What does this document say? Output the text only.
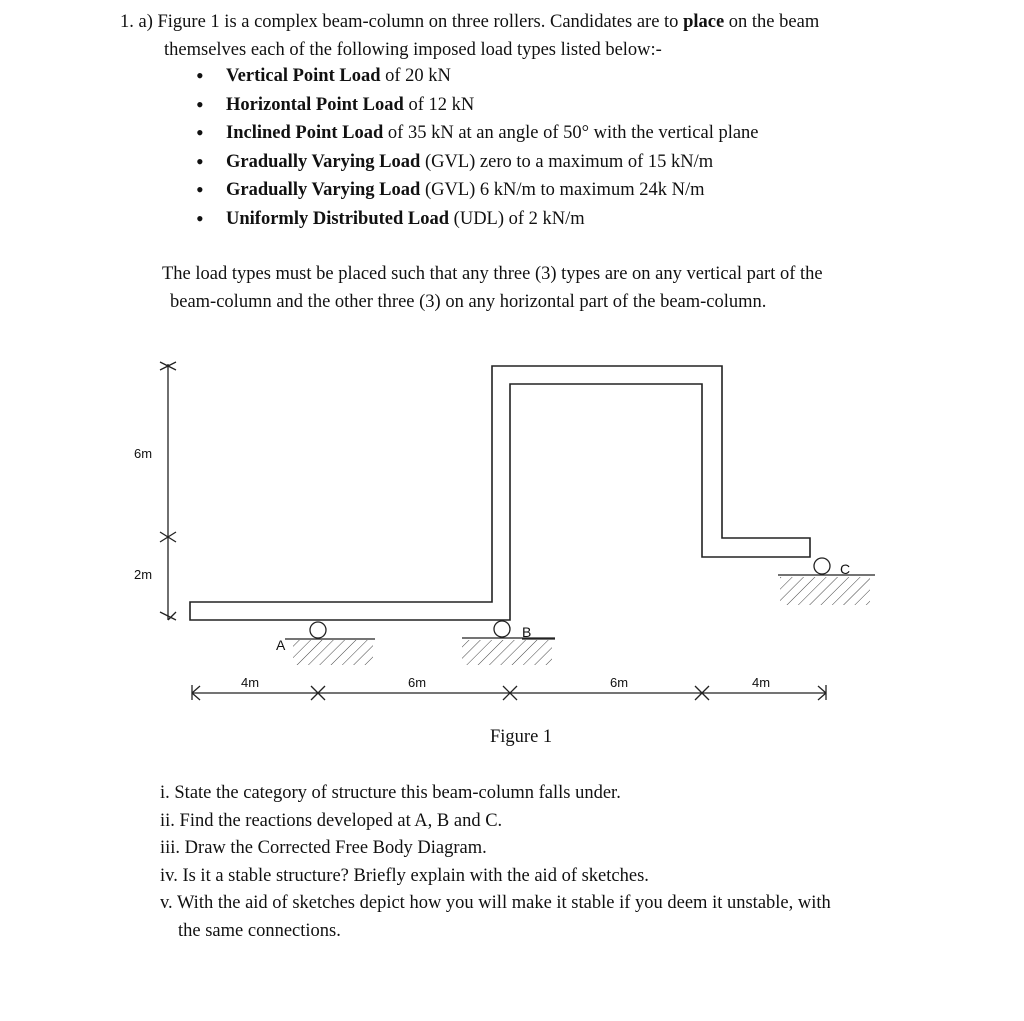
1. a) Figure 1 is a complex beam-column on three rollers. Candidates are to place on the beam
themselves each of the following imposed load types listed below:-
• Vertical Point Load of 20 kN
• Horizontal Point Load of 12 kN
• Inclined Point Load of 35 kN at an angle of 50° with the vertical plane
• Gradually Varying Load (GVL) zero to a maximum of 15 kN/m
• Gradually Varying Load (GVL) 6 kN/m to maximum 24k N/m
• Uniformly Distributed Load (UDL) of 2 kN/m
The load types must be placed such that any three (3) types are on any vertical part of the
beam-column and the other three (3) on any horizontal part of the beam-column.
6m
2m
A
B
C
4m	6m	6m	4m
Figure 1
i. State the category of structure this beam-column falls under.
ii. Find the reactions developed at A, B and C.
iii. Draw the Corrected Free Body Diagram.
iv. Is it a stable structure? Briefly explain with the aid of sketches.
v. With the aid of sketches depict how you will make it stable if you deem it unstable, with
the same connections.
